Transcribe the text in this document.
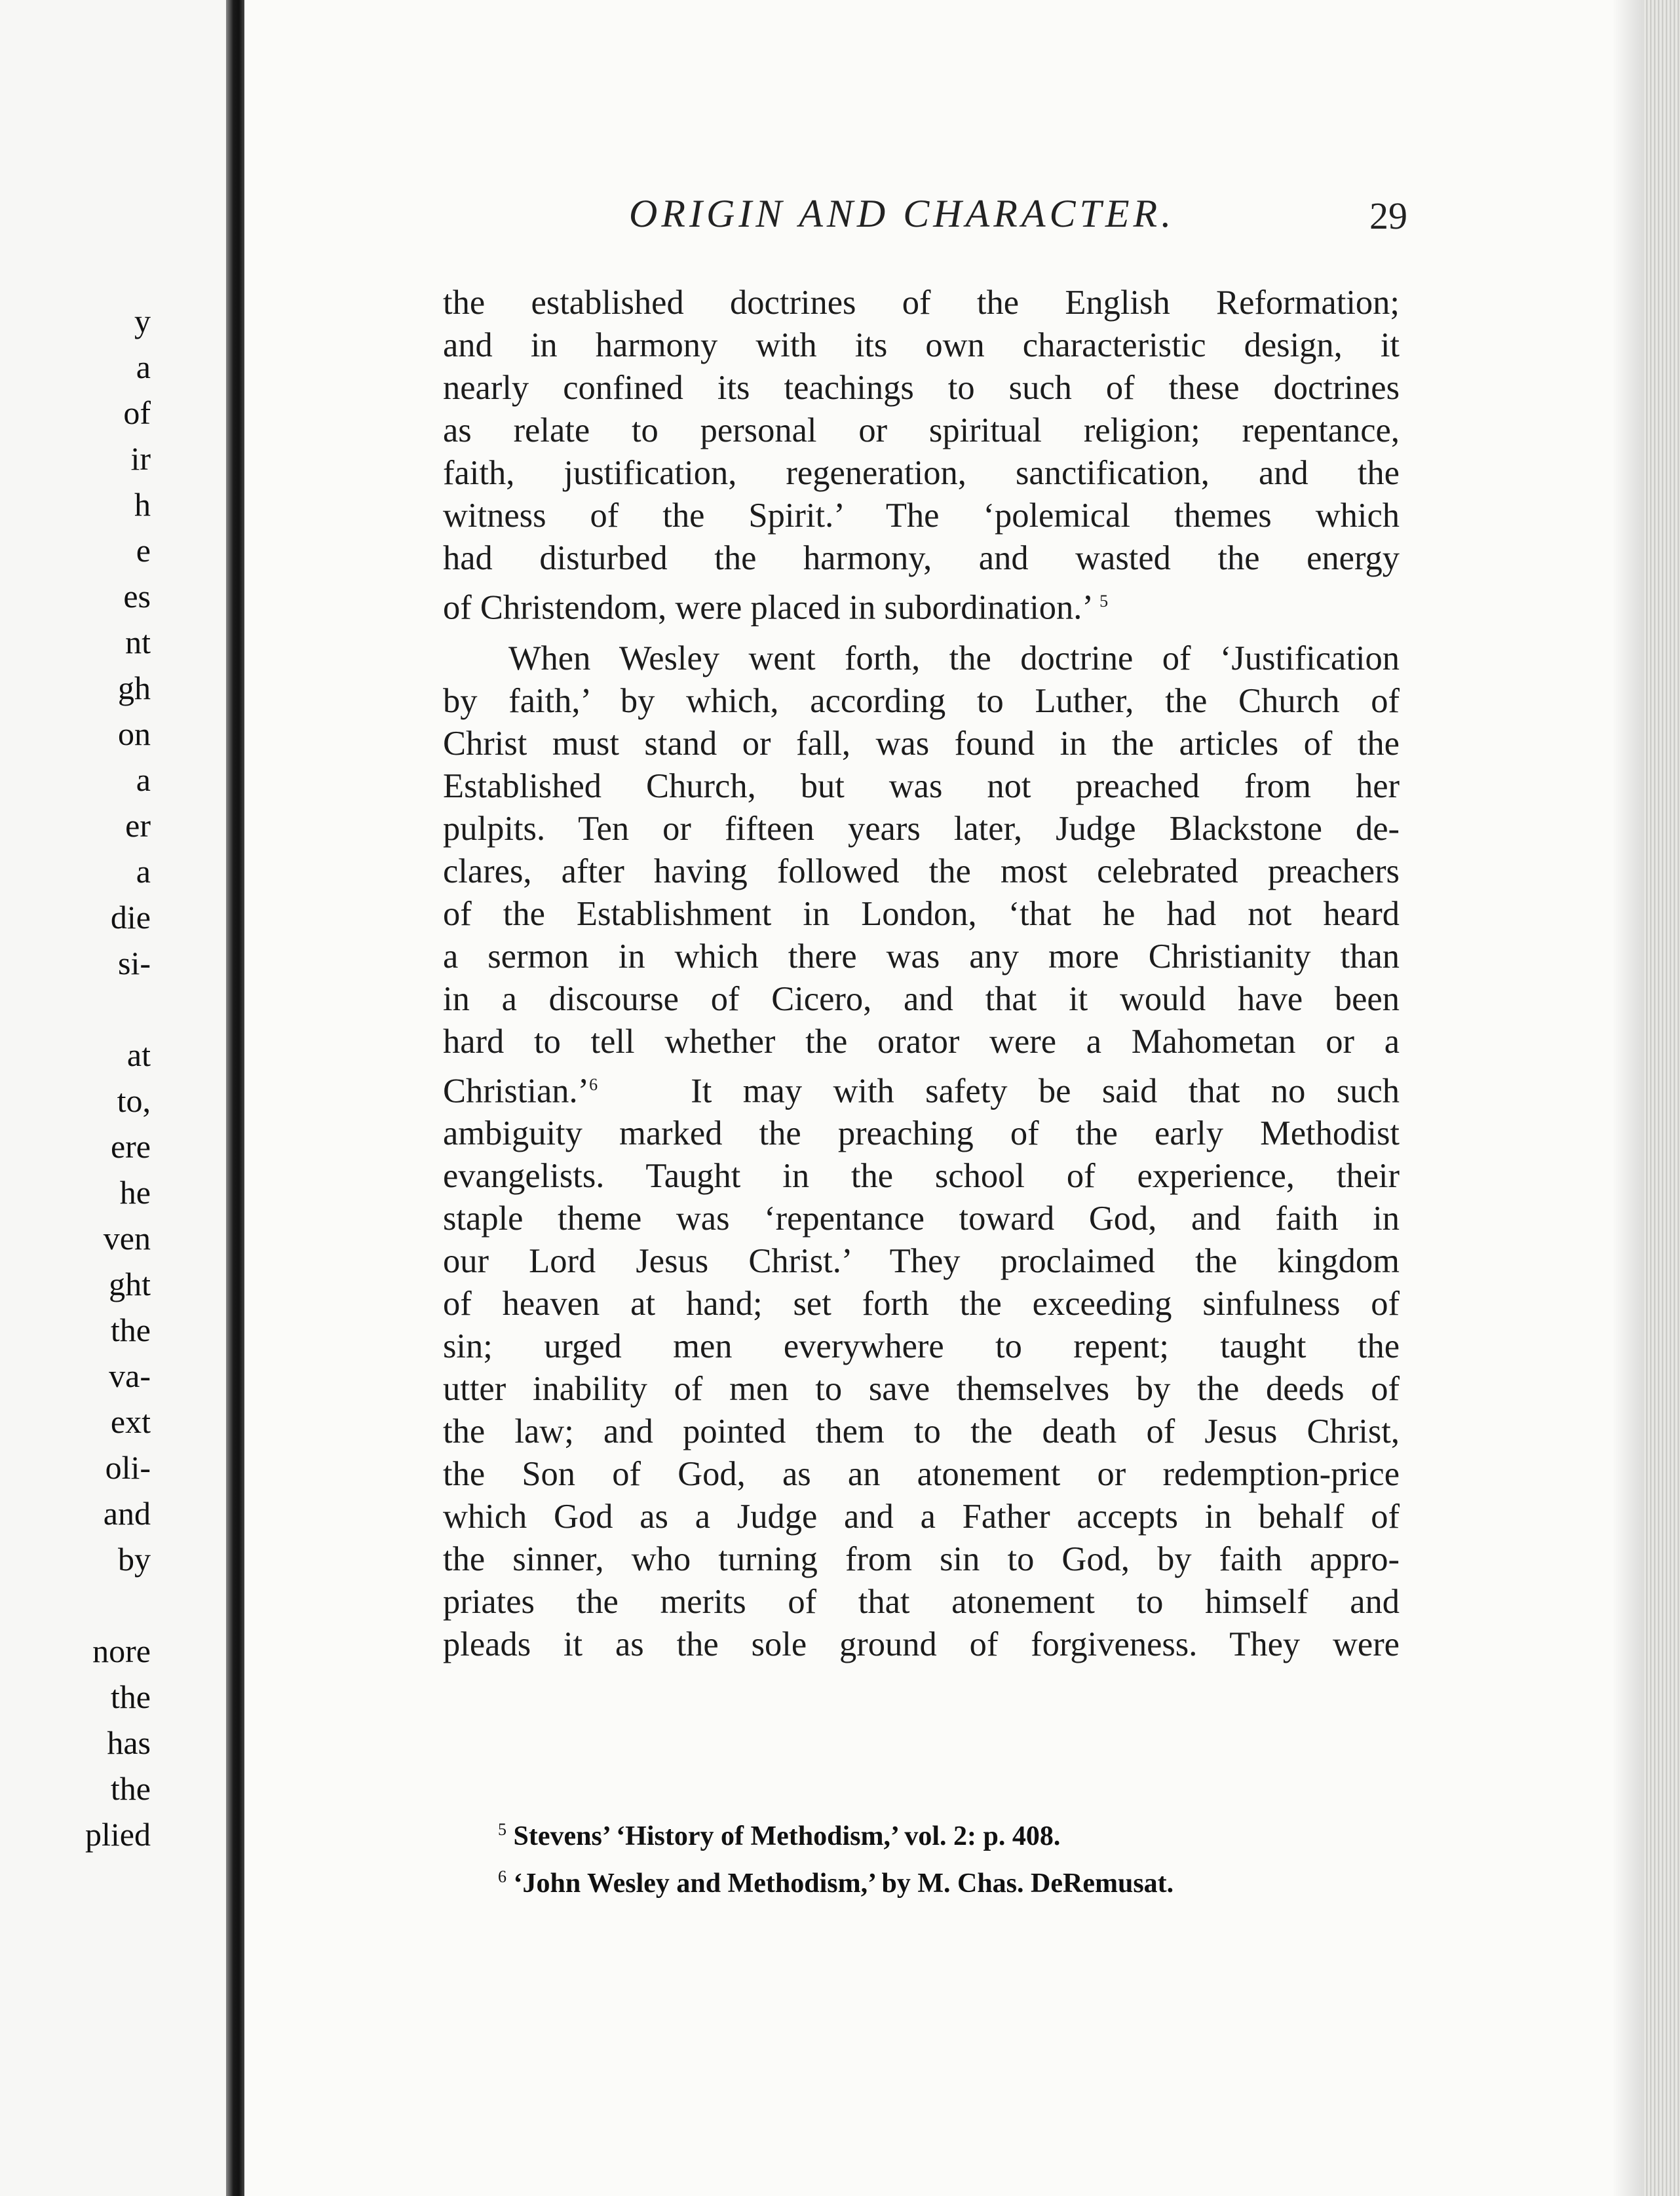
y
a
of
ir
h
e
es
nt
gh
on
a
er
a
die
si-
at
to,
ere
he
ven
ght
the
va-
ext
oli-
and
by
nore
the
has
the
plied
ORIGIN AND CHARACTER.	29
the established doctrines of the English Reformation;
and in harmony with its own characteristic design, it
nearly confined its teachings to such of these doctrines
as relate to personal or spiritual religion; repentance,
faith, justification, regeneration, sanctification, and the
witness of the Spirit.’ The ‘polemical themes which
had disturbed the harmony, and wasted the energy
of Christendom, were placed in subordination.’ $^5$
When Wesley went forth, the doctrine of ‘Justification
by faith,’ by which, according to Luther, the Church of
Christ must stand or fall, was found in the articles of the
Established Church, but was not preached from her
pulpits. Ten or fifteen years later, Judge Blackstone de-
clares, after having followed the most celebrated preachers
of the Establishment in London, ‘that he had not heard
a sermon in which there was any more Christianity than
in a discourse of Cicero, and that it would have been
hard to tell whether the orator were a Mahometan or a
Christian.’$^6$	It may with safety be said that no such
ambiguity marked the preaching of the early Methodist
evangelists. Taught in the school of experience, their
staple theme was ‘repentance toward God, and faith in
our Lord Jesus Christ.’ They proclaimed the kingdom
of heaven at hand; set forth the exceeding sinfulness of
sin; urged men everywhere to repent; taught the
utter inability of men to save themselves by the deeds of
the law; and pointed them to the death of Jesus Christ,
the Son of God, as an atonement or redemption-price
which God as a Judge and a Father accepts in behalf of
the sinner, who turning from sin to God, by faith appro-
priates the merits of that atonement to himself and
pleads it as the sole ground of forgiveness. They were
$^5$ Stevens’ ‘History of Methodism,’ vol. 2: p. 408.
$^6$ ‘John Wesley and Methodism,’ by M. Chas. DeRemusat.
